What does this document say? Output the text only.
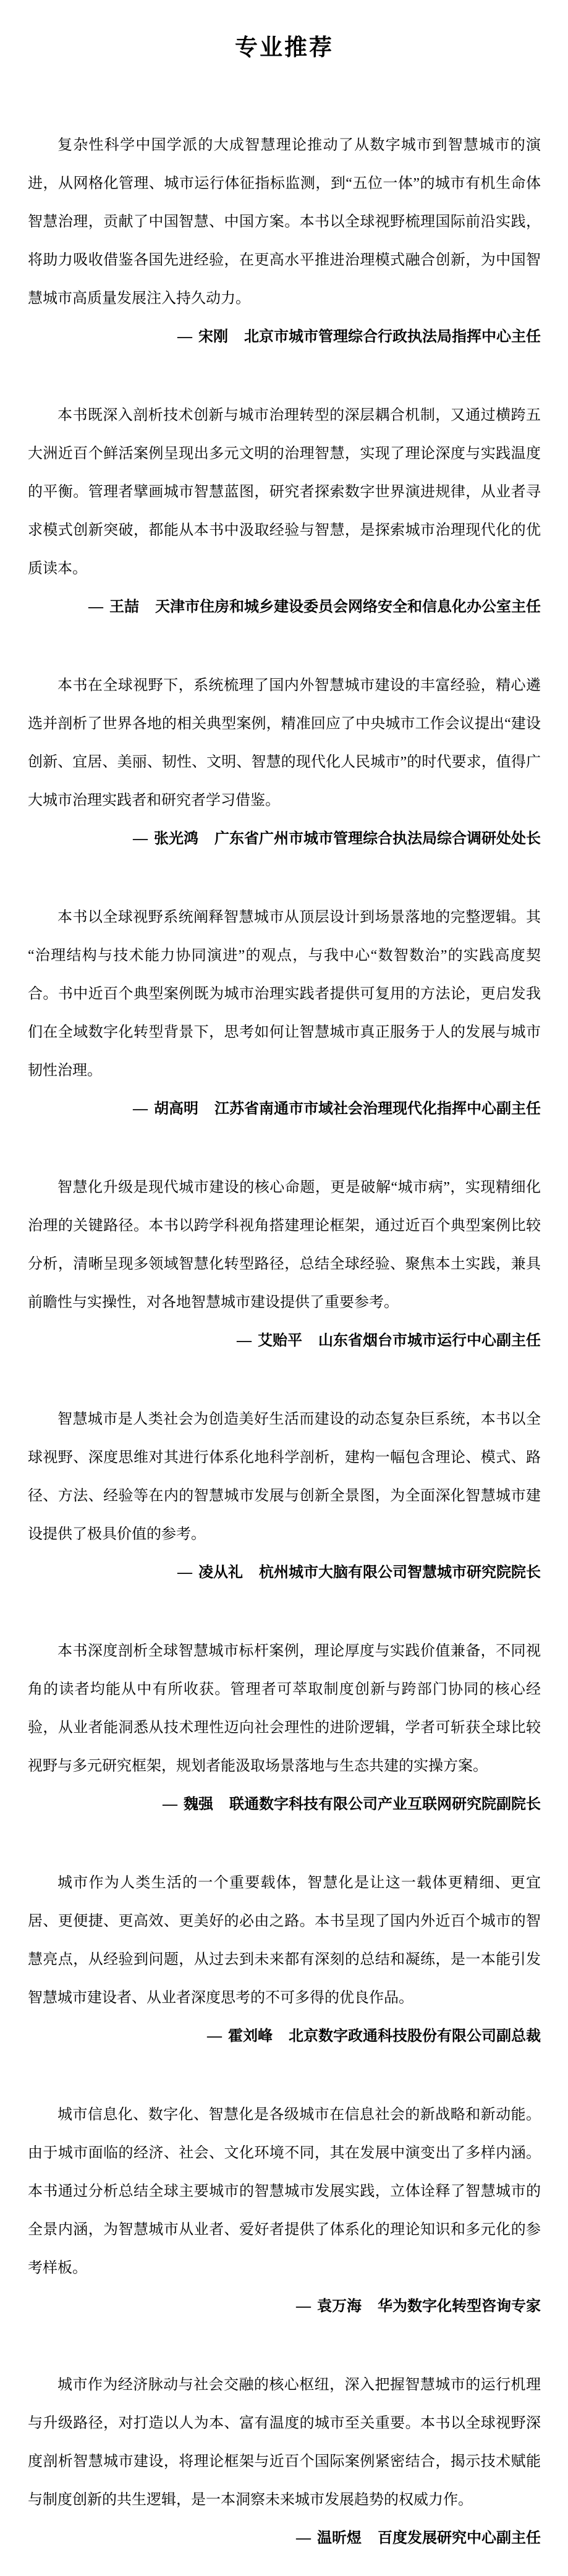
专业推荐

复杂性科学中国学派的大成智慧理论推动了从数字城市到智慧城市的演进，从网格化管理、城市运行体征指标监测，到“五位一体”的城市有机生命体智慧治理，贡献了中国智慧、中国方案。本书以全球视野梳理国际前沿实践，将助力吸收借鉴各国先进经验，在更高水平推进治理模式融合创新，为中国智慧城市高质量发展注入持久动力。

— 宋刚 北京市城市管理综合行政执法局指挥中心主任

本书既深入剖析技术创新与城市治理转型的深层耦合机制，又通过横跨五大洲近百个鲜活案例呈现出多元文明的治理智慧，实现了理论深度与实践温度的平衡。管理者擘画城市智慧蓝图，研究者探索数字世界演进规律，从业者寻求模式创新突破，都能从本书中汲取经验与智慧，是探索城市治理现代化的优质读本。

— 王喆 天津市住房和城乡建设委员会网络安全和信息化办公室主任

本书在全球视野下，系统梳理了国内外智慧城市建设的丰富经验，精心遴选并剖析了世界各地的相关典型案例，精准回应了中央城市工作会议提出“建设创新、宜居、美丽、韧性、文明、智慧的现代化人民城市”的时代要求，值得广大城市治理实践者和研究者学习借鉴。

— 张光鸿 广东省广州市城市管理综合执法局综合调研处处长

本书以全球视野系统阐释智慧城市从顶层设计到场景落地的完整逻辑。其“治理结构与技术能力协同演进”的观点，与我中心“数智数治”的实践高度契合。书中近百个典型案例既为城市治理实践者提供可复用的方法论，更启发我们在全域数字化转型背景下，思考如何让智慧城市真正服务于人的发展与城市韧性治理。

— 胡高明 江苏省南通市市域社会治理现代化指挥中心副主任

智慧化升级是现代城市建设的核心命题，更是破解“城市病”，实现精细化治理的关键路径。本书以跨学科视角搭建理论框架，通过近百个典型案例比较分析，清晰呈现多领域智慧化转型路径，总结全球经验、聚焦本土实践，兼具前瞻性与实操性，对各地智慧城市建设提供了重要参考。

— 艾贻平 山东省烟台市城市运行中心副主任

智慧城市是人类社会为创造美好生活而建设的动态复杂巨系统，本书以全球视野、深度思维对其进行体系化地科学剖析，建构一幅包含理论、模式、路径、方法、经验等在内的智慧城市发展与创新全景图，为全面深化智慧城市建设提供了极具价值的参考。

— 凌从礼 杭州城市大脑有限公司智慧城市研究院院长

本书深度剖析全球智慧城市标杆案例，理论厚度与实践价值兼备，不同视角的读者均能从中有所收获。管理者可萃取制度创新与跨部门协同的核心经验，从业者能洞悉从技术理性迈向社会理性的进阶逻辑，学者可斩获全球比较视野与多元研究框架，规划者能汲取场景落地与生态共建的实操方案。

— 魏强 联通数字科技有限公司产业互联网研究院副院长

城市作为人类生活的一个重要载体，智慧化是让这一载体更精细、更宜居、更便捷、更高效、更美好的必由之路。本书呈现了国内外近百个城市的智慧亮点，从经验到问题，从过去到未来都有深刻的总结和凝练，是一本能引发智慧城市建设者、从业者深度思考的不可多得的优良作品。

— 霍刘峰 北京数字政通科技股份有限公司副总裁

城市信息化、数字化、智慧化是各级城市在信息社会的新战略和新动能。由于城市面临的经济、社会、文化环境不同，其在发展中演变出了多样内涵。本书通过分析总结全球主要城市的智慧城市发展实践，立体诠释了智慧城市的全景内涵，为智慧城市从业者、爱好者提供了体系化的理论知识和多元化的参考样板。

— 袁万海 华为数字化转型咨询专家

城市作为经济脉动与社会交融的核心枢纽，深入把握智慧城市的运行机理与升级路径，对打造以人为本、富有温度的城市至关重要。本书以全球视野深度剖析智慧城市建设，将理论框架与近百个国际案例紧密结合，揭示技术赋能与制度创新的共生逻辑，是一本洞察未来城市发展趋势的权威力作。

— 温昕煜 百度发展研究中心副主任
